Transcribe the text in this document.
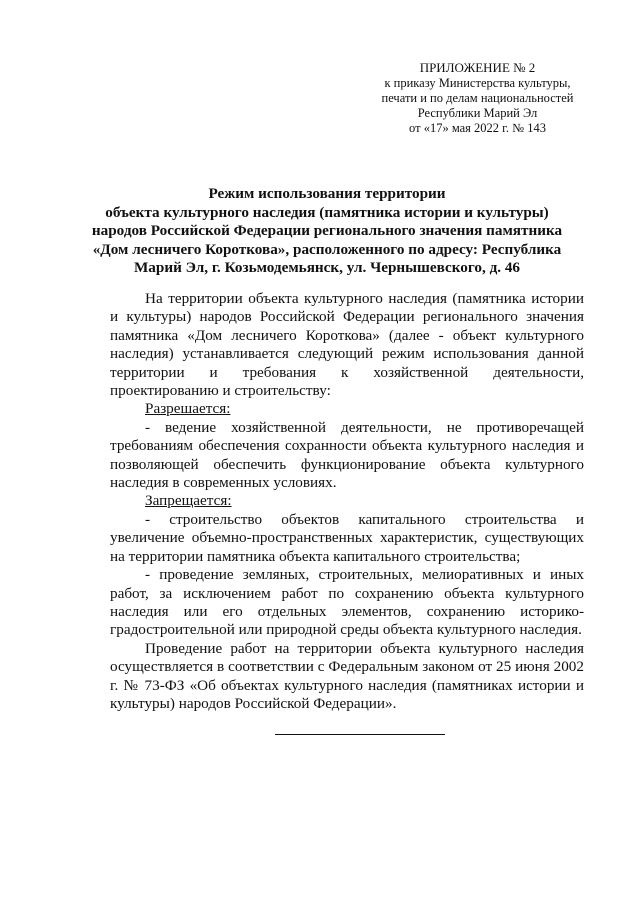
ПРИЛОЖЕНИЕ № 2
к приказу Министерства культуры,
печати и по делам национальностей
Республики Марий Эл
от «17» мая 2022 г. № 143
Режим использования территории
объекта культурного наследия (памятника истории и культуры)
народов Российской Федерации регионального значения памятника
«Дом лесничего Короткова», расположенного по адресу: Республика
Марий Эл, г. Козьмодемьянск, ул. Чернышевского, д. 46

На территории объекта культурного наследия (памятника истории и культуры) народов Российской Федерации регионального значения памятника «Дом лесничего Короткова» (далее - объект культурного наследия) устанавливается следующий режим использования данной территории и требования к хозяйственной деятельности, проектированию и строительству:

Разрешается:

- ведение хозяйственной деятельности, не противоречащей требованиям обеспечения сохранности объекта культурного наследия и позволяющей обеспечить функционирование объекта культурного наследия в современных условиях.

Запрещается:

- строительство объектов капитального строительства и увеличение объемно-пространственных характеристик, существующих на территории памятника объекта капитального строительства;

- проведение земляных, строительных, мелиоративных и иных работ, за исключением работ по сохранению объекта культурного наследия или его отдельных элементов, сохранению историко-градостроительной или природной среды объекта культурного наследия.

Проведение работ на территории объекта культурного наследия осуществляется в соответствии с Федеральным законом от 25 июня 2002 г. № 73-ФЗ «Об объектах культурного наследия (памятниках истории и культуры) народов Российской Федерации».
